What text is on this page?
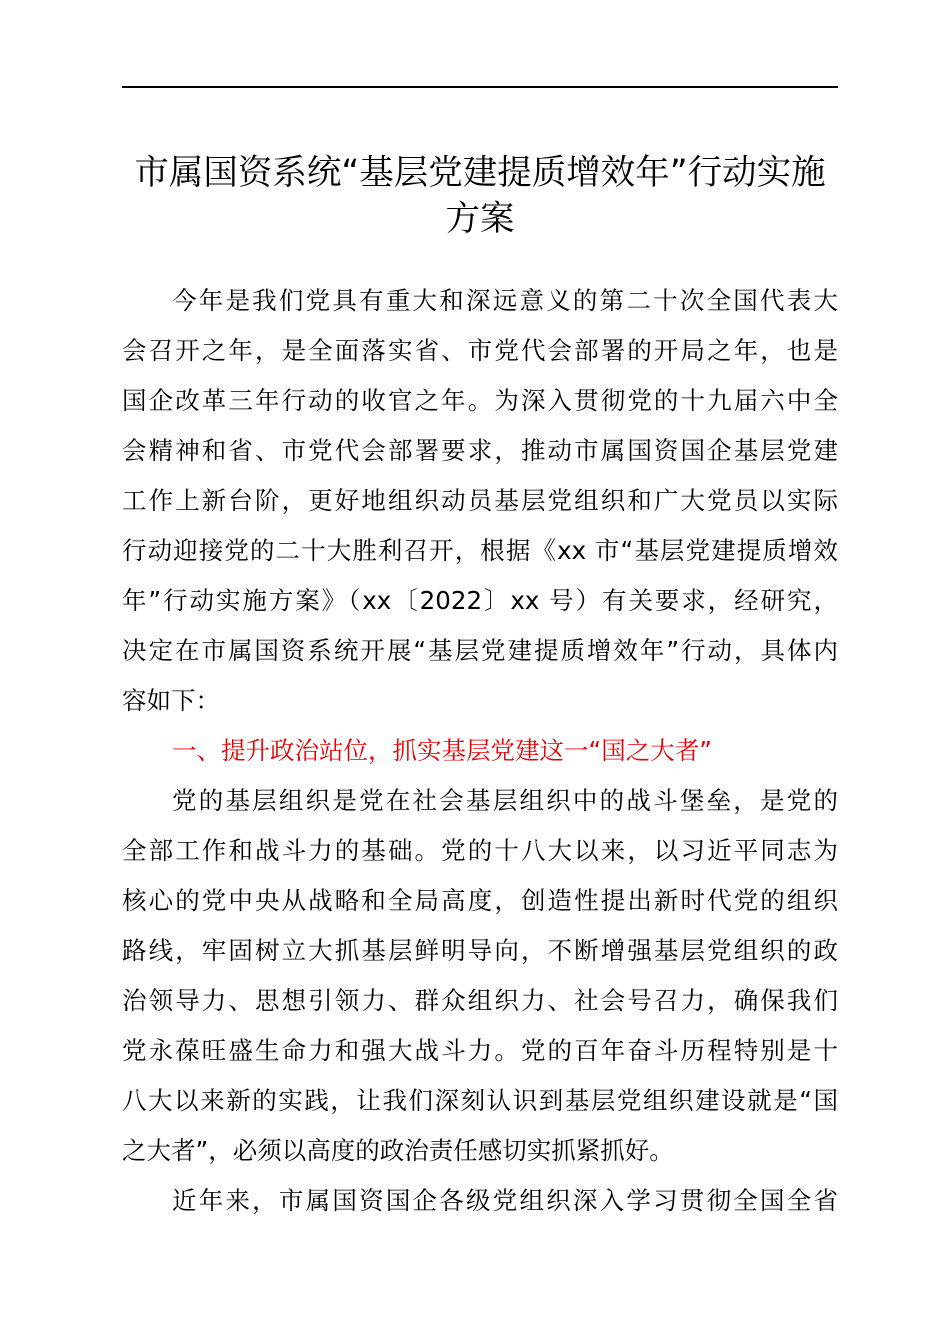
市属国资系统“基层党建提质增效年”行动实施
方案
今年是我们党具有重大和深远意义的第二十次全国代表大
会召开之年，是全面落实省、市党代会部署的开局之年，也是
国企改革三年行动的收官之年。为深入贯彻党的十九届六中全
会精神和省、市党代会部署要求，推动市属国资国企基层党建
工作上新台阶，更好地组织动员基层党组织和广大党员以实际
行动迎接党的二十大胜利召开，根据《xx 市“基层党建提质增效
年”行动实施方案》（xx〔2022〕xx 号）有关要求，经研究，
决定在市属国资系统开展“基层党建提质增效年”行动，具体内
容如下：
一、提升政治站位，抓实基层党建这一“国之大者”
党的基层组织是党在社会基层组织中的战斗堡垒，是党的
全部工作和战斗力的基础。党的十八大以来，以习近平同志为
核心的党中央从战略和全局高度，创造性提出新时代党的组织
路线，牢固树立大抓基层鲜明导向，不断增强基层党组织的政
治领导力、思想引领力、群众组织力、社会号召力，确保我们
党永葆旺盛生命力和强大战斗力。党的百年奋斗历程特别是十
八大以来新的实践，让我们深刻认识到基层党组织建设就是“国
之大者”，必须以高度的政治责任感切实抓紧抓好。
近年来，市属国资国企各级党组织深入学习贯彻全国全省
